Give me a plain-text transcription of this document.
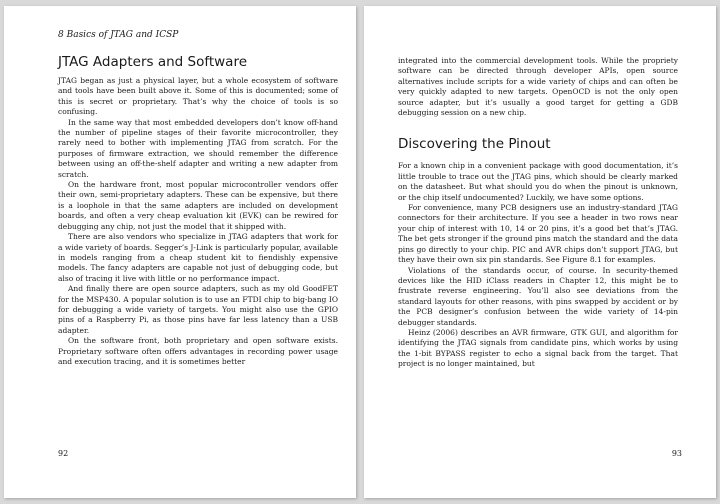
8 Basics of JTAG and ICSP
JTAG Adapters and Software

JTAG began as just a physical layer, but a whole ecosystem of software and tools have been built above it. Some of this is documented; some of this is secret or proprietary. That’s why the choice of tools is so confusing.

In the same way that most embedded developers don’t know off-hand the number of pipeline stages of their favorite microcontroller, they rarely need to bother with implementing JTAG from scratch. For the purposes of firmware extraction, we should remember the difference between using an off-the-shelf adapter and writing a new adapter from scratch.

On the hardware front, most popular microcontroller vendors offer their own, semi-proprietary adapters. These can be expensive, but there is a loophole in that the same adapters are included on development boards, and often a very cheap evaluation kit (EVK) can be rewired for debugging any chip, not just the model that it shipped with.

There are also vendors who specialize in JTAG adapters that work for a wide variety of boards. Segger’s J-Link is particularly popular, available in models ranging from a cheap student kit to fiendishly expensive models. The fancy adapters are capable not just of debugging code, but also of tracing it live with little or no performance impact.

And finally there are open source adapters, such as my old GoodFET for the MSP430. A popular solution is to use an FTDI chip to big-bang IO for debugging a wide variety of targets. You might also use the GPIO pins of a Raspberry Pi, as those pins have far less latency than a USB adapter.

On the software front, both proprietary and open software exists. Proprietary software often offers advantages in recording power usage and execution tracing, and it is sometimes better

92

integrated into the commercial development tools. While the propriety software can be directed through developer APIs, open source alternatives include scripts for a wide variety of chips and can often be very quickly adapted to new targets. OpenOCD is not the only open source adapter, but it’s usually a good target for getting a GDB debugging session on a new chip.

Discovering the Pinout

For a known chip in a convenient package with good documentation, it’s little trouble to trace out the JTAG pins, which should be clearly marked on the datasheet. But what should you do when the pinout is unknown, or the chip itself undocumented? Luckily, we have some options.

For convenience, many PCB designers use an industry-standard JTAG connectors for their architecture. If you see a header in two rows near your chip of interest with 10, 14 or 20 pins, it’s a good bet that’s JTAG. The bet gets stronger if the ground pins match the standard and the data pins go directly to your chip. PIC and AVR chips don’t support JTAG, but they have their own six pin standards. See Figure 8.1 for examples.

Violations of the standards occur, of course. In security-themed devices like the HID iClass readers in Chapter 12, this might be to frustrate reverse engineering. You’ll also see deviations from the standard layouts for other reasons, with pins swapped by accident or by the PCB designer’s confusion between the wide variety of 14-pin debugger standards.

Heinz (2006) describes an AVR firmware, GTK GUI, and algorithm for identifying the JTAG signals from candidate pins, which works by using the 1-bit BYPASS register to echo a signal back from the target. That project is no longer maintained, but

93
